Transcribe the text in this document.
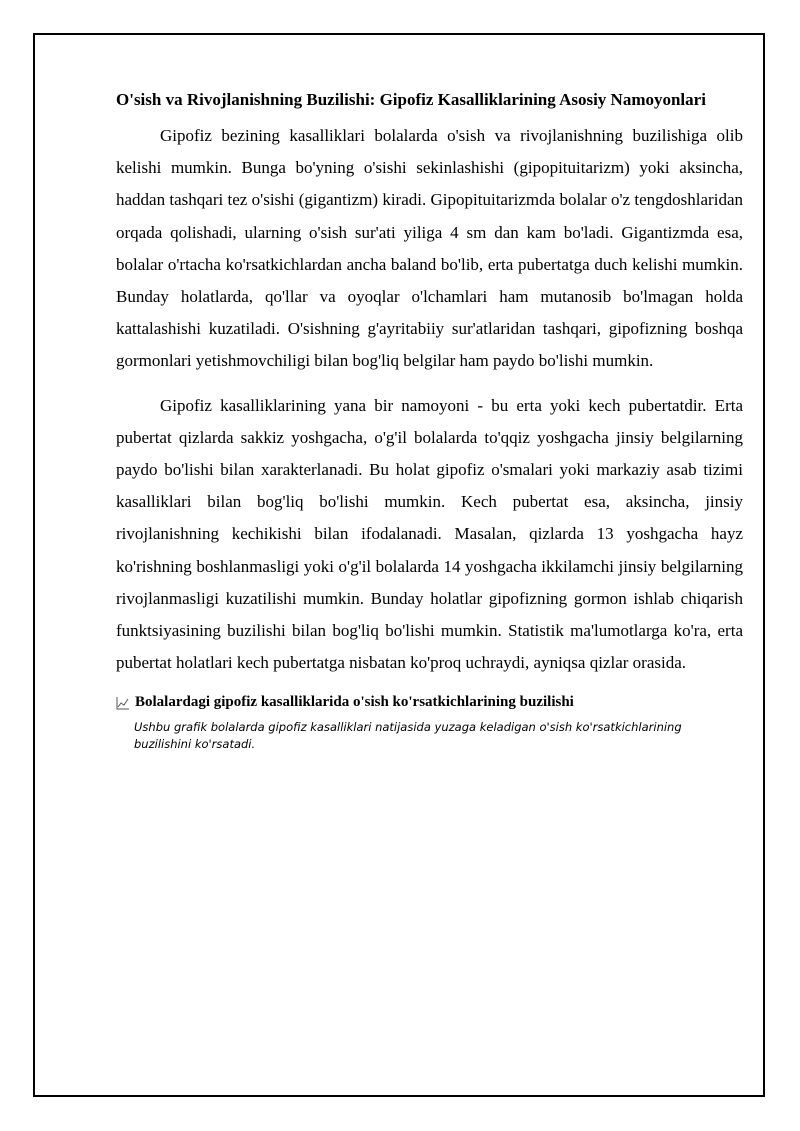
O'sish va Rivojlanishning Buzilishi: Gipofiz Kasalliklarining Asosiy Namoyonlari

Gipofiz bezining kasalliklari bolalarda o'sish va rivojlanishning buzilishiga olib kelishi mumkin. Bunga bo'yning o'sishi sekinlashishi (gipopituitarizm) yoki aksincha, haddan tashqari tez o'sishi (gigantizm) kiradi. Gipopituitarizmda bolalar o'z tengdoshlaridan orqada qolishadi, ularning o'sish sur'ati yiliga 4 sm dan kam bo'ladi. Gigantizmda esa, bolalar o'rtacha ko'rsatkichlardan ancha baland bo'lib, erta pubertatga duch kelishi mumkin. Bunday holatlarda, qo'llar va oyoqlar o'lchamlari ham mutanosib bo'lmagan holda kattalashishi kuzatiladi. O'sishning g'ayritabiiy sur'atlaridan tashqari, gipofizning boshqa gormonlari yetishmovchiligi bilan bog'liq belgilar ham paydo bo'lishi mumkin.

Gipofiz kasalliklarining yana bir namoyoni - bu erta yoki kech pubertatdir. Erta pubertat qizlarda sakkiz yoshgacha, o'g'il bolalarda to'qqiz yoshgacha jinsiy belgilarning paydo bo'lishi bilan xarakterlanadi. Bu holat gipofiz o'smalari yoki markaziy asab tizimi kasalliklari bilan bog'liq bo'lishi mumkin. Kech pubertat esa, aksincha, jinsiy rivojlanishning kechikishi bilan ifodalanadi. Masalan, qizlarda 13 yoshgacha hayz ko'rishning boshlanmasligi yoki o'g'il bolalarda 14 yoshgacha ikkilamchi jinsiy belgilarning rivojlanmasligi kuzatilishi mumkin. Bunday holatlar gipofizning gormon ishlab chiqarish funktsiyasining buzilishi bilan bog'liq bo'lishi mumkin. Statistik ma'lumotlarga ko'ra, erta pubertat holatlari kech pubertatga nisbatan ko'proq uchraydi, ayniqsa qizlar orasida.

Bolalardagi gipofiz kasalliklarida o'sish ko'rsatkichlarining buzilishi
Ushbu grafik bolalarda gipofiz kasalliklari natijasida yuzaga keladigan o'sish ko'rsatkichlarining buzilishini ko'rsatadi.
